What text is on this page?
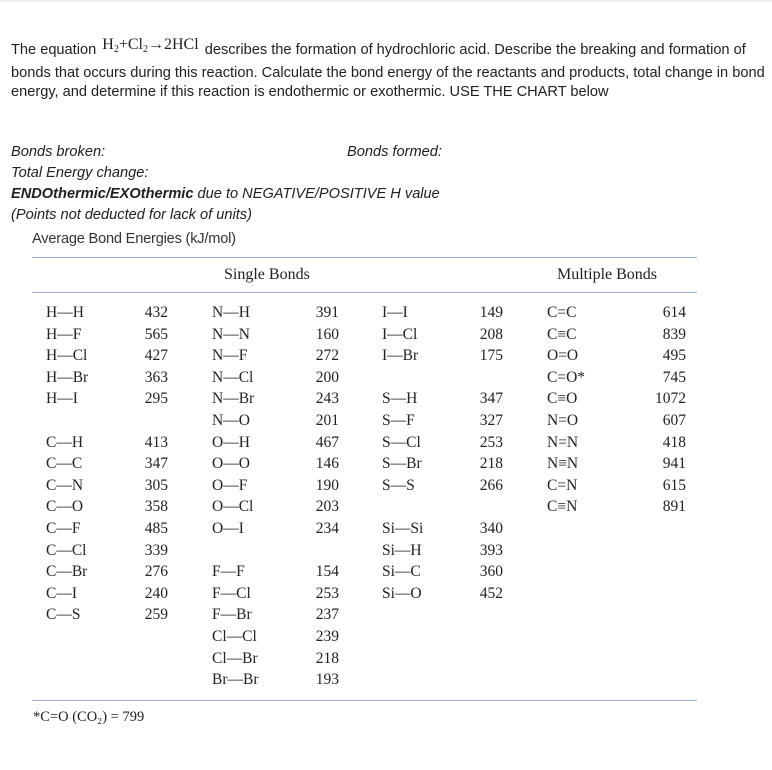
The equation $H_2+Cl_2\to 2HCl$ describes the formation of hydrochloric acid. Describe the breaking and formation of bonds that occurs during this reaction. Calculate the bond energy of the reactants and products, total change in bond energy, and determine if this reaction is endothermic or exothermic. USE THE CHART below
Bonds broken:	Bonds formed:
Total Energy change:
ENDOthermic/EXOthermic due to NEGATIVE/POSITIVE H value
(Points not deducted for lack of units)
Average Bond Energies (kJ/mol)
Single Bonds	Multiple Bonds
H—H
H—F
H—Cl
H—Br
H—I
C—H
C—C
C—N
C—O
C—F
C—Cl
C—Br
C—I
C—S
432
565
427
363
295
413
347
305
358
485
339
276
240
259
N—H
N—N
N—F
N—Cl
N—Br
N—O
O—H
O—O
O—F
O—Cl
O—I
F—F
F—Cl
F—Br
Cl—Cl
Cl—Br
Br—Br
391
160
272
200
243
201
467
146
190
203
234
154
253
237
239
218
193
I—I
I—Cl
I—Br
S—H
S—F
S—Cl
S—Br
S—S
Si—Si
Si—H
Si—C
Si—O
149
208
175
347
327
253
218
266
340
393
360
452
C=C
C≡C
O=O
C=O*
C≡O
N=O
N=N
N≡N
C=N
C≡N
614
839
495
745
1072
607
418
941
615
891
*C=O (CO₂) = 799
